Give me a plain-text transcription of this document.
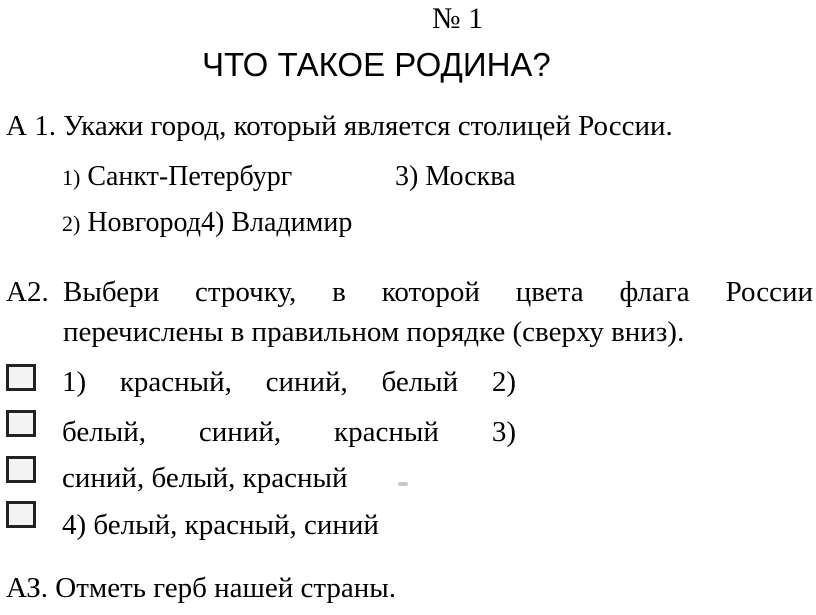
№ 1
ЧТО ТАКОЕ РОДИНА?
А 1. Укажи город, который является столицей России.
1) Санкт-Петербург	3) Москва
2) Новгород4) Владимир
А2. Выбери строчку, в которой цвета флага России
перечислены в правильном порядке (сверху вниз).
1) красный, синий, белый 2)
белый, синий, красный 3)
синий, белый, красный
4) белый, красный, синий
АЗ. Отметь герб нашей страны.
